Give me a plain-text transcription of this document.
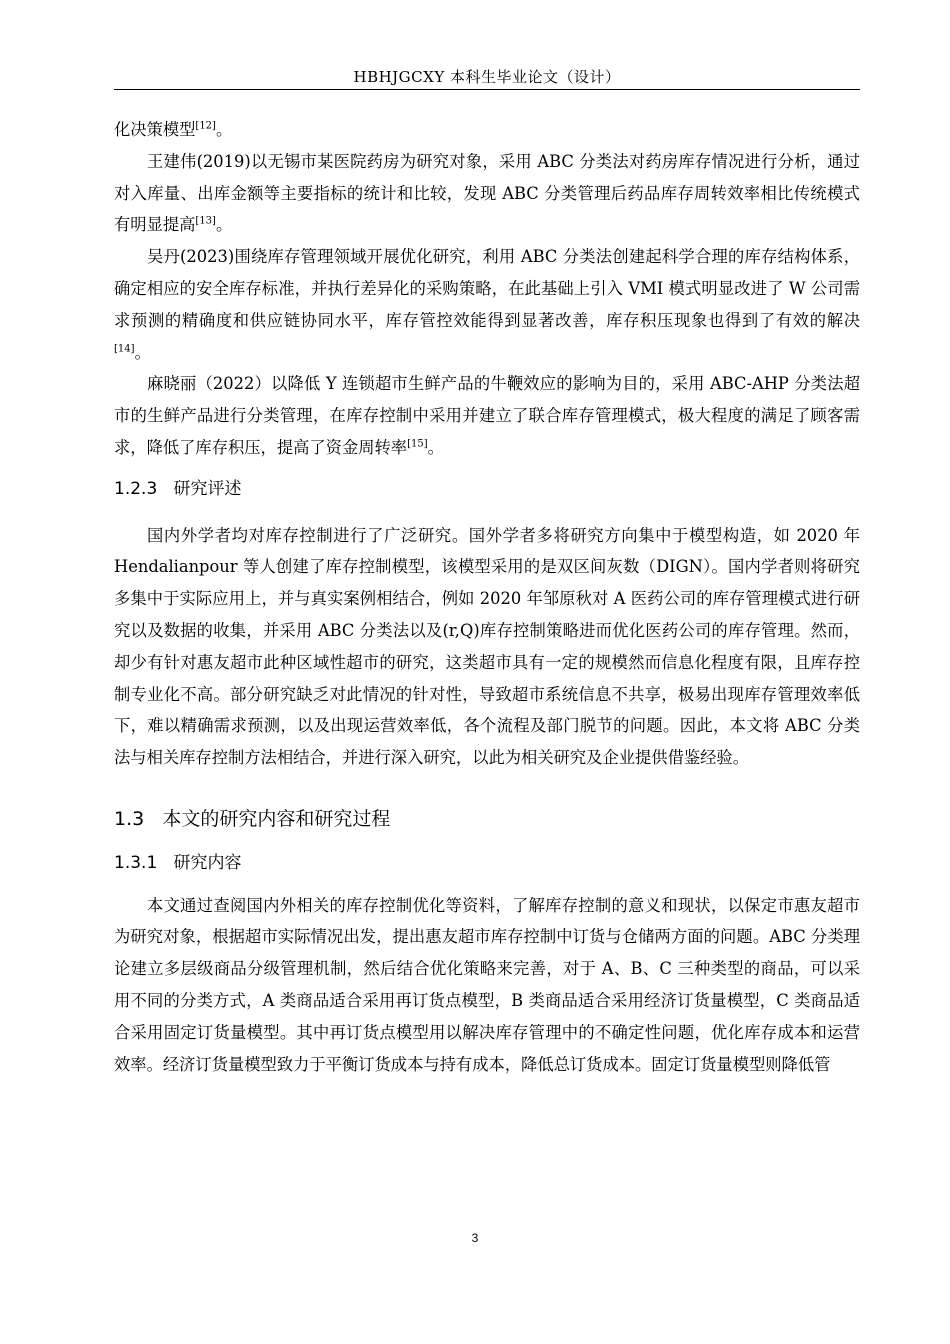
HBHJGCXY 本科生毕业论文（设计）

化决策模型[12]。

王建伟(2019)以无锡市某医院药房为研究对象，采用 ABC 分类法对药房库存情况进行分析，通过对入库量、出库金额等主要指标的统计和比较，发现 ABC 分类管理后药品库存周转效率相比传统模式有明显提高[13]。

吴丹(2023)围绕库存管理领域开展优化研究，利用 ABC 分类法创建起科学合理的库存结构体系，确定相应的安全库存标准，并执行差异化的采购策略，在此基础上引入 VMI 模式明显改进了 W 公司需求预测的精确度和供应链协同水平，库存管控效能得到显著改善，库存积压现象也得到了有效的解决[14]。

麻晓丽（2022）以降低 Y 连锁超市生鲜产品的牛鞭效应的影响为目的，采用 ABC-AHP 分类法超市的生鲜产品进行分类管理，在库存控制中采用并建立了联合库存管理模式，极大程度的满足了顾客需求，降低了库存积压，提高了资金周转率[15]。

1.2.3 研究评述

国内外学者均对库存控制进行了广泛研究。国外学者多将研究方向集中于模型构造，如 2020 年 Hendalianpour 等人创建了库存控制模型，该模型采用的是双区间灰数（DIGN）。国内学者则将研究多集中于实际应用上，并与真实案例相结合，例如 2020 年邹原秋对 A 医药公司的库存管理模式进行研究以及数据的收集，并采用 ABC 分类法以及(r,Q)库存控制策略进而优化医药公司的库存管理。然而，却少有针对惠友超市此种区域性超市的研究，这类超市具有一定的规模然而信息化程度有限，且库存控制专业化不高。部分研究缺乏对此情况的针对性，导致超市系统信息不共享，极易出现库存管理效率低下，难以精确需求预测，以及出现运营效率低，各个流程及部门脱节的问题。因此，本文将 ABC 分类法与相关库存控制方法相结合，并进行深入研究，以此为相关研究及企业提供借鉴经验。

1.3 本文的研究内容和研究过程
1.3.1 研究内容

本文通过查阅国内外相关的库存控制优化等资料，了解库存控制的意义和现状，以保定市惠友超市为研究对象，根据超市实际情况出发，提出惠友超市库存控制中订货与仓储两方面的问题。ABC 分类理论建立多层级商品分级管理机制，然后结合优化策略来完善，对于 A、B、C 三种类型的商品，可以采用不同的分类方式，A 类商品适合采用再订货点模型，B 类商品适合采用经济订货量模型，C 类商品适合采用固定订货量模型。其中再订货点模型用以解决库存管理中的不确定性问题，优化库存成本和运营效率。经济订货量模型致力于平衡订货成本与持有成本，降低总订货成本。固定订货量模型则降低管

3
